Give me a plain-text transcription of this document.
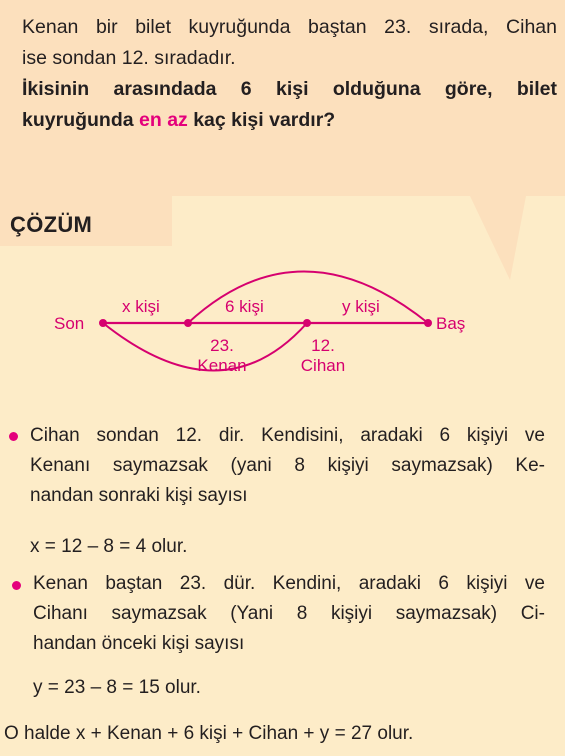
Kenan bir bilet kuyruğunda baştan 23. sırada, Cihan
ise sondan 12. sıradadır.
İkisinin arasındada 6 kişi olduğuna göre, bilet
kuyruğunda en az kaç kişi vardır?
ÇÖZÜM
Son	Baş
x kişi	6 kişi	y kişi
23.
Kenan
12.
Cihan
Cihan sondan 12. dir. Kendisini, aradaki 6 kişiyi ve
Kenanı saymazsak (yani 8 kişiyi saymazsak) Ke-
nandan sonraki kişi sayısı
x = 12 – 8 = 4 olur.
Kenan baştan 23. dür. Kendini, aradaki 6 kişiyi ve
Cihanı saymazsak (Yani 8 kişiyi saymazsak) Ci-
handan önceki kişi sayısı
y = 23 – 8 = 15 olur.
O halde x + Kenan + 6 kişi + Cihan + y = 27 olur.
